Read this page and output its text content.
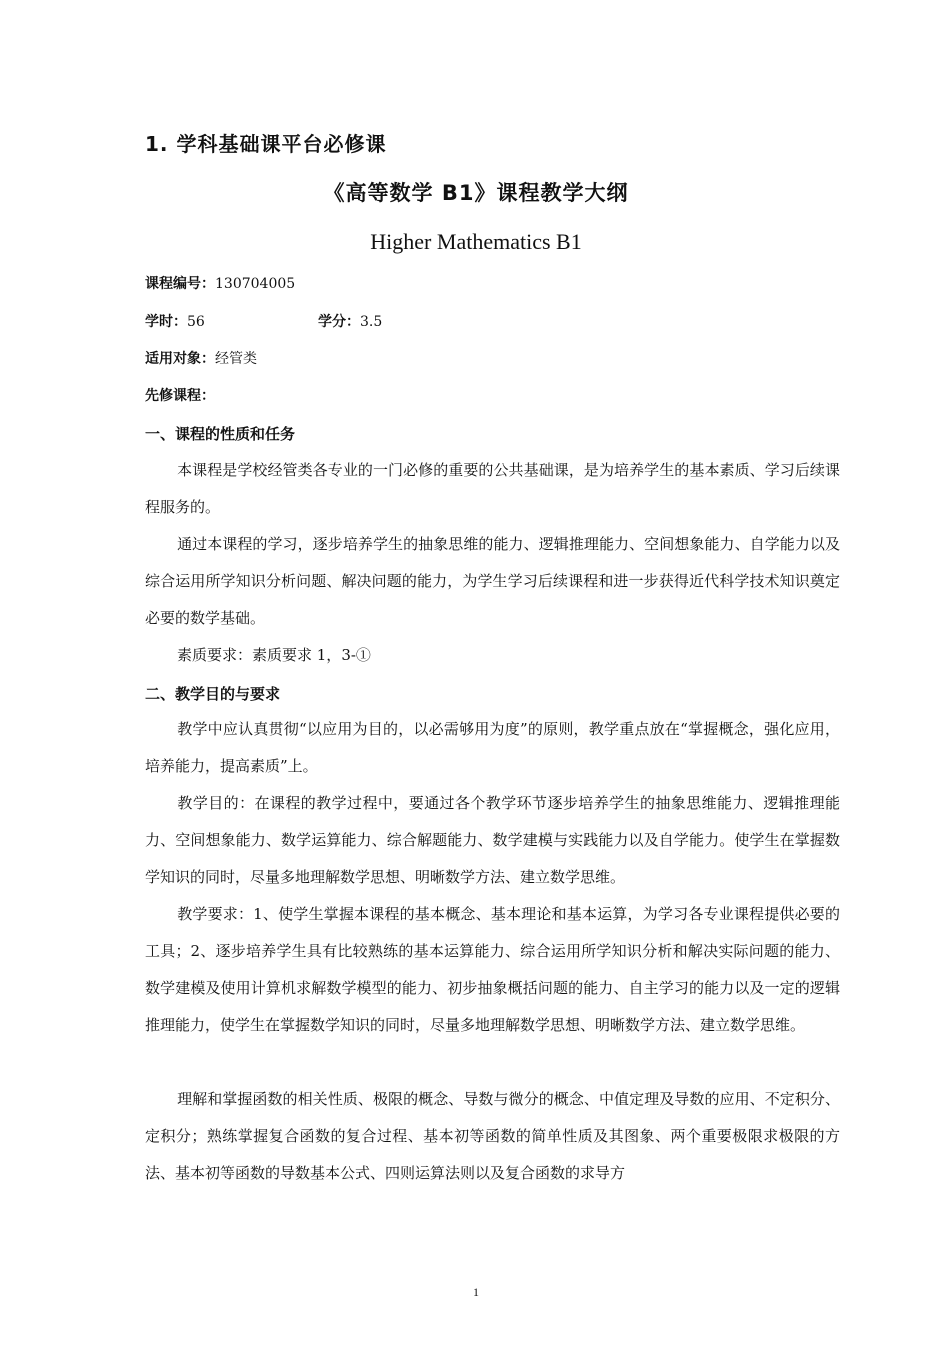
1. 学科基础课平台必修课
《高等数学 B1》课程教学大纲
Higher Mathematics B1
课程编号：130704005
学时：56	学分：3.5
适用对象：经管类
先修课程：
一、课程的性质和任务
本课程是学校经管类各专业的一门必修的重要的公共基础课，是为培养学生的基本素质、学习后续课程服务的。
通过本课程的学习，逐步培养学生的抽象思维的能力、逻辑推理能力、空间想象能力、自学能力以及综合运用所学知识分析问题、解决问题的能力，为学生学习后续课程和进一步获得近代科学技术知识奠定必要的数学基础。
素质要求：素质要求 1，3-①
二、教学目的与要求
教学中应认真贯彻“以应用为目的，以必需够用为度”的原则，教学重点放在“掌握概念，强化应用，培养能力，提高素质”上。
教学目的：在课程的教学过程中，要通过各个教学环节逐步培养学生的抽象思维能力、逻辑推理能力、空间想象能力、数学运算能力、综合解题能力、数学建模与实践能力以及自学能力。使学生在掌握数学知识的同时，尽量多地理解数学思想、明晰数学方法、建立数学思维。
教学要求：1、使学生掌握本课程的基本概念、基本理论和基本运算，为学习各专业课程提供必要的工具；2、逐步培养学生具有比较熟练的基本运算能力、综合运用所学知识分析和解决实际问题的能力、数学建模及使用计算机求解数学模型的能力、初步抽象概括问题的能力、自主学习的能力以及一定的逻辑推理能力，使学生在掌握数学知识的同时，尽量多地理解数学思想、明晰数学方法、建立数学思维。
理解和掌握函数的相关性质、极限的概念、导数与微分的概念、中值定理及导数的应用、不定积分、定积分；熟练掌握复合函数的复合过程、基本初等函数的简单性质及其图象、两个重要极限求极限的方法、基本初等函数的导数基本公式、四则运算法则以及复合函数的求导方
1
